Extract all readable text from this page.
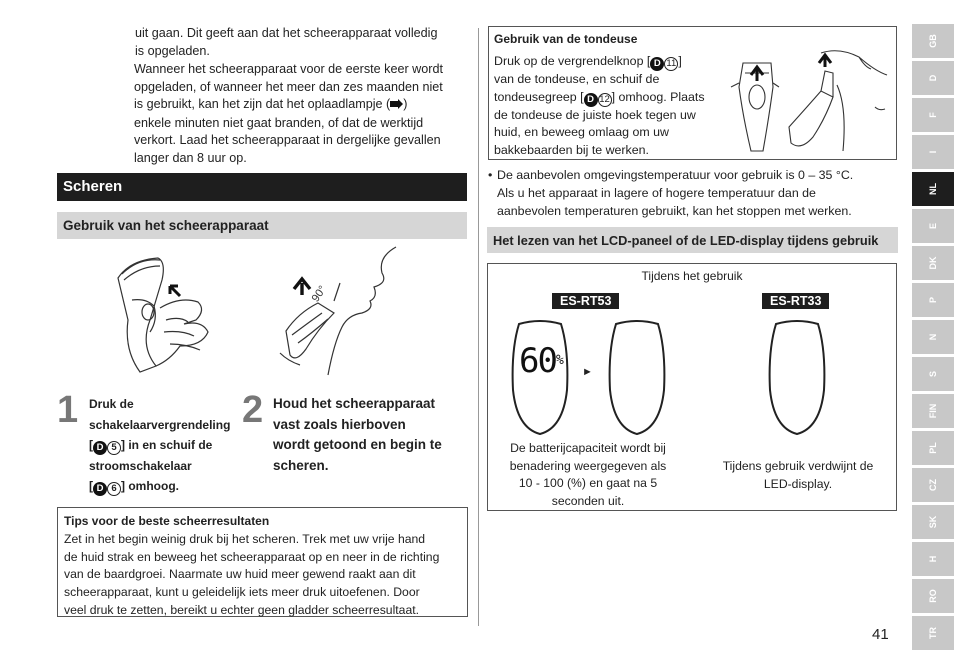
uit gaan. Dit geeft aan dat het scheerapparaat volledig
is opgeladen.
Wanneer het scheerapparaat voor de eerste keer wordt
opgeladen, of wanneer het meer dan zes maanden niet
is gebruikt, kan het zijn dat het oplaadlampje ( )
enkele minuten niet gaat branden, of dat de werktijd
verkort. Laad het scheerapparaat in dergelijke gevallen
langer dan 8 uur op.
Scheren
Gebruik van het scheerapparaat
90°
1 Druk de
schakelaarvergrendeling
[ D 5 ] in en schuif de
stroomschakelaar
[ D 6 ] omhoog.
2 Houd het scheerapparaat
vast zoals hierboven
wordt getoond en begin te
scheren.
Tips voor de beste scheerresultaten
Zet in het begin weinig druk bij het scheren. Trek met uw vrije hand
de huid strak en beweeg het scheerapparaat op en neer in de richting
van de baardgroei. Naarmate uw huid meer gewend raakt aan dit
scheerapparaat, kunt u geleidelijk iets meer druk uitoefenen. Door
veel druk te zetten, bereikt u echter geen gladder scheerresultaat.
Gebruik van de tondeuse
Druk op de vergrendelknop [ D 11 ]
van de tondeuse, en schuif de
tondeusegreep [ D 12 ] omhoog. Plaats
de tondeuse de juiste hoek tegen uw
huid, en beweeg omlaag om uw
bakkebaarden bij te werken.
• De aanbevolen omgevingstemperatuur voor gebruik is 0 – 35 °C.
Als u het apparaat in lagere of hogere temperatuur dan de
aanbevolen temperaturen gebruikt, kan het stoppen met werken.
Het lezen van het LCD-paneel of de LED-display tijdens gebruik
Tijdens het gebruik
ES-RT53	ES-RT33
60%
►
De batterijcapaciteit wordt bij
benadering weergegeven als
10 - 100 (%) en gaat na 5
seconden uit.
Tijdens gebruik verdwijnt de
LED-display.
41
GB
D
F
I
NL
E
DK
P
N
S
FIN
PL
CZ
SK
H
RO
TR
